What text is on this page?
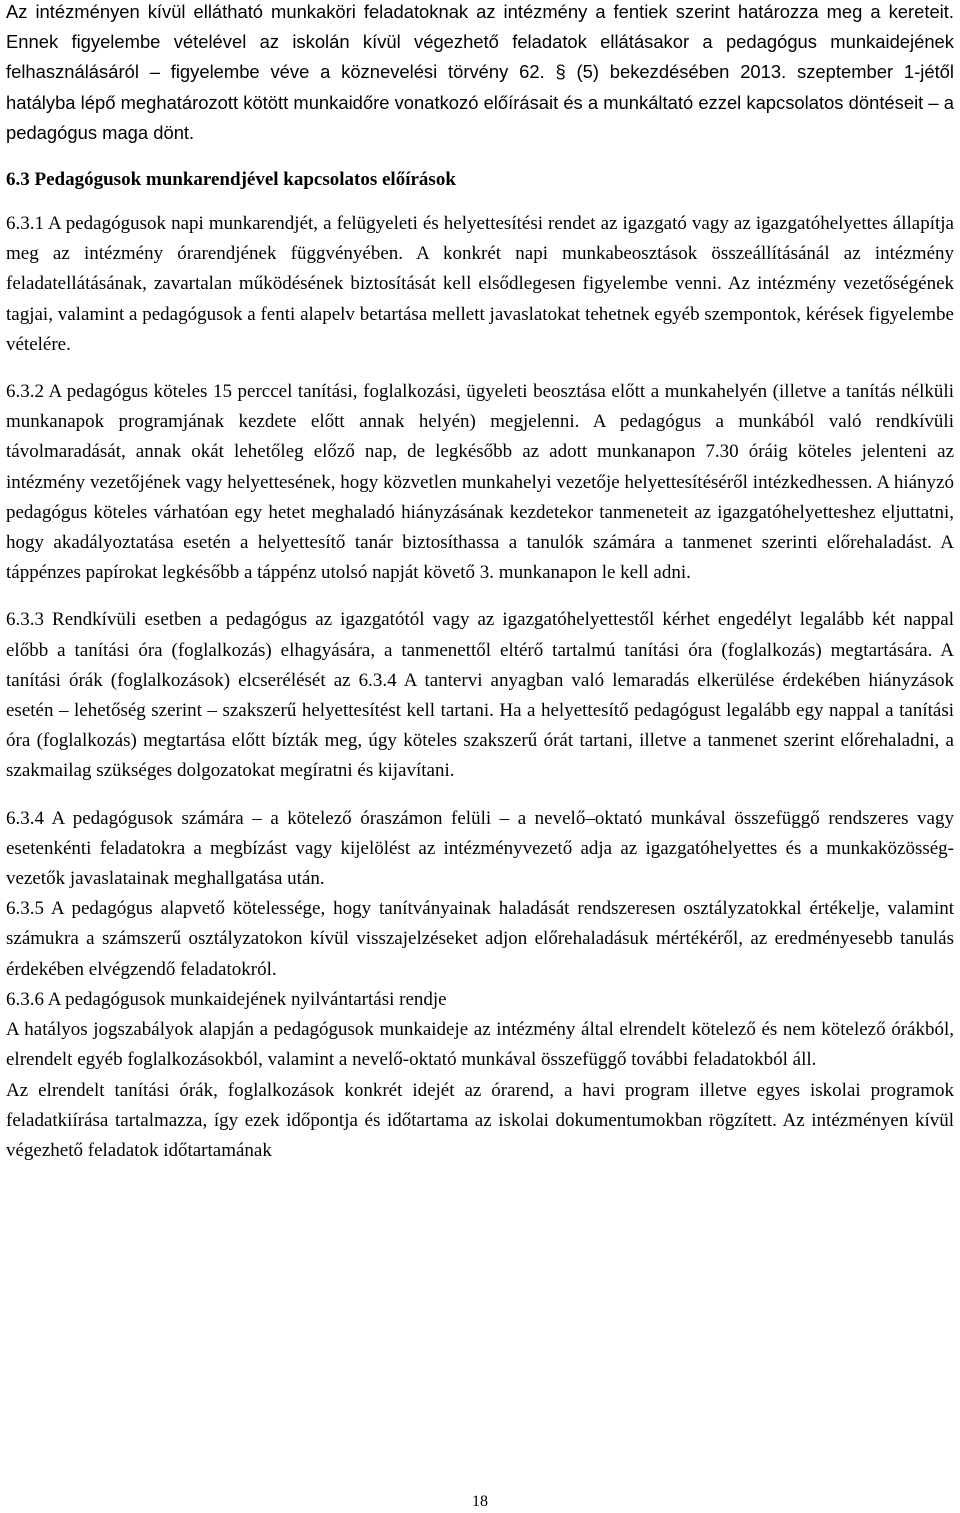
Az intézményen kívül ellátható munkaköri feladatoknak az intézmény a fentiek szerint határozza meg a kereteit. Ennek figyelembe vételével az iskolán kívül végezhető feladatok ellátásakor a pedagógus munkaidejének felhasználásáról – figyelembe véve a köznevelési törvény 62. § (5) bekezdésében 2013. szeptember 1-jétől hatályba lépő meghatározott kötött munkaidőre vonatkozó előírásait és a munkáltató ezzel kapcsolatos döntéseit – a pedagógus maga dönt.

6.3 Pedagógusok munkarendjével kapcsolatos előírások

6.3.1 A pedagógusok napi munkarendjét, a felügyeleti és helyettesítési rendet az igazgató vagy az igazgatóhelyettes állapítja meg az intézmény órarendjének függvényében. A konkrét napi munkabeosztások összeállításánál az intézmény feladatellátásának, zavartalan működésének biztosítását kell elsődlegesen figyelembe venni. Az intézmény vezetőségének tagjai, valamint a pedagógusok a fenti alapelv betartása mellett javaslatokat tehetnek egyéb szempontok, kérések figyelembe vételére.

6.3.2 A pedagógus köteles 15 perccel tanítási, foglalkozási, ügyeleti beosztása előtt a munkahelyén (illetve a tanítás nélküli munkanapok programjának kezdete előtt annak helyén) megjelenni. A pedagógus a munkából való rendkívüli távolmaradását, annak okát lehetőleg előző nap, de legkésőbb az adott munkanapon 7.30 óráig köteles jelenteni az intézmény vezetőjének vagy helyettesének, hogy közvetlen munkahelyi vezetője helyettesítéséről intézkedhessen. A hiányzó pedagógus köteles várhatóan egy hetet meghaladó hiányzásának kezdetekor tanmeneteit az igazgatóhelyetteshez eljuttatni, hogy akadályoztatása esetén a helyettesítő tanár biztosíthassa a tanulók számára a tanmenet szerinti előrehaladást. A táppénzes papírokat legkésőbb a táppénz utolsó napját követő 3. munkanapon le kell adni.

6.3.3 Rendkívüli esetben a pedagógus az igazgatótól vagy az igazgatóhelyettestől kérhet engedélyt legalább két nappal előbb a tanítási óra (foglalkozás) elhagyására, a tanmenettől eltérő tartalmú tanítási óra (foglalkozás) megtartására. A tanítási órák (foglalkozások) elcserélését az 6.3.4 A tantervi anyagban való lemaradás elkerülése érdekében hiányzások esetén – lehetőség szerint – szakszerű helyettesítést kell tartani. Ha a helyettesítő pedagógust legalább egy nappal a tanítási óra (foglalkozás) megtartása előtt bízták meg, úgy köteles szakszerű órát tartani, illetve a tanmenet szerint előrehaladni, a szakmailag szükséges dolgozatokat megíratni és kijavítani.

6.3.4 A pedagógusok számára – a kötelező óraszámon felüli – a nevelő–oktató munkával összefüggő rendszeres vagy esetenkénti feladatokra a megbízást vagy kijelölést az intézményvezető adja az igazgatóhelyettes és a munkaközösség-vezetők javaslatainak meghallgatása után.

6.3.5 A pedagógus alapvető kötelessége, hogy tanítványainak haladását rendszeresen osztályzatokkal értékelje, valamint számukra a számszerű osztályzatokon kívül visszajelzéseket adjon előrehaladásuk mértékéről, az eredményesebb tanulás érdekében elvégzendő feladatokról.

6.3.6 A pedagógusok munkaidejének nyilvántartási rendje

A hatályos jogszabályok alapján a pedagógusok munkaideje az intézmény által elrendelt kötelező és nem kötelező órákból, elrendelt egyéb foglalkozásokból, valamint a nevelő-oktató munkával összefüggő további feladatokból áll.

Az elrendelt tanítási órák, foglalkozások konkrét idejét az órarend, a havi program illetve egyes iskolai programok feladatkiírása tartalmazza, így ezek időpontja és időtartama az iskolai dokumentumokban rögzített. Az intézményen kívül végezhető feladatok időtartamának

18
